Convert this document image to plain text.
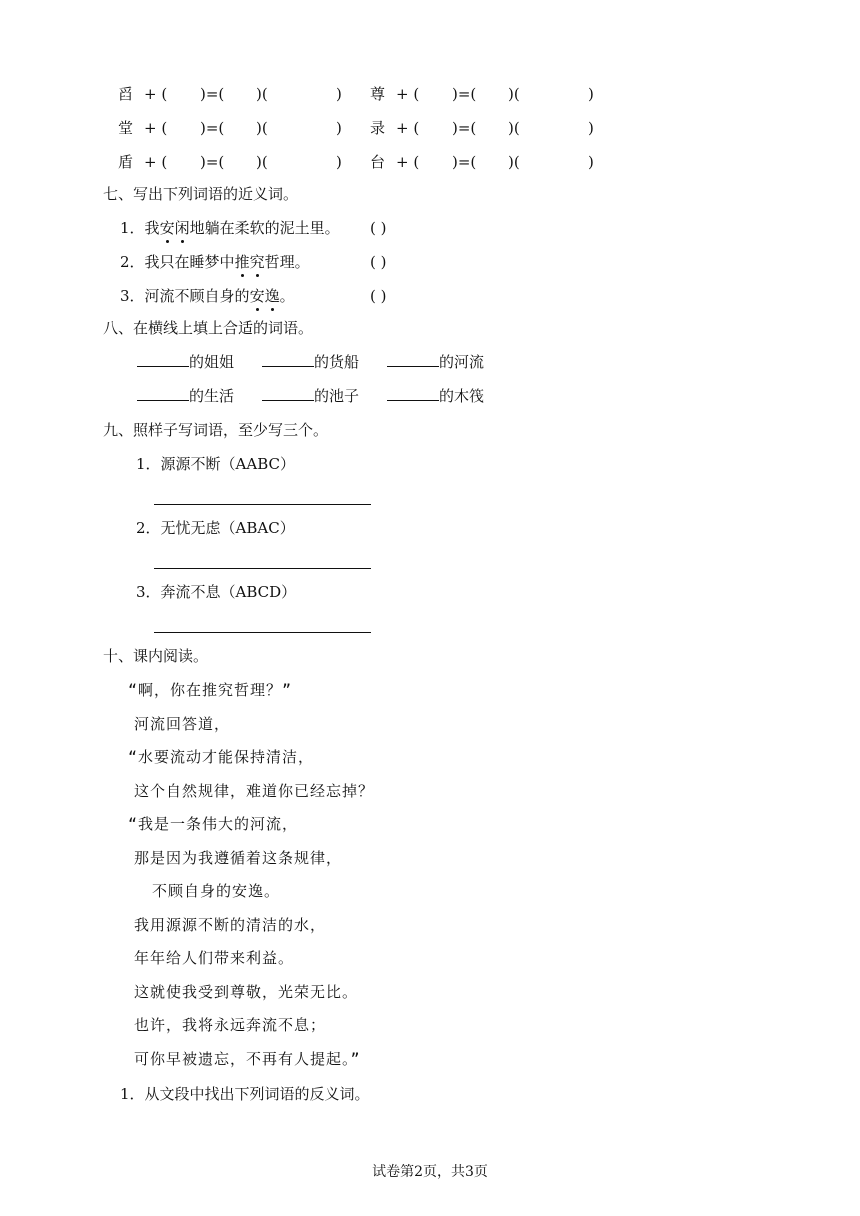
舀 + ( )=( )(	) 尊 + ( )=( )(	)
堂 + ( )=( )(	) 录 + ( )=( )(	)
盾 + ( )=( )(	) 台 + ( )=( )(	)
七、写出下列词语的近义词。
1．我安闲地躺在柔软的泥土里。 ( )
2．我只在睡梦中推究哲理。	( )
3．河流不顾自身的安逸。	( )
八、在横线上填上合适的词语。
的姐姐	的货船	的河流
的生活	的池子	的木筏
九、照样子写词语，至少写三个。
1．源源不断（AABC）
2．无忧无虑（ABAC）
3．奔流不息（ABCD）
十、课内阅读。
“啊，你在推究哲理？”
河流回答道，
“水要流动才能保持清洁，
这个自然规律，难道你已经忘掉？
“我是一条伟大的河流，
那是因为我遵循着这条规律，
不顾自身的安逸。
我用源源不断的清洁的水，
年年给人们带来利益。
这就使我受到尊敬，光荣无比。
也许，我将永远奔流不息；
可你早被遗忘，不再有人提起。”
1．从文段中找出下列词语的反义词。
试卷第2页，共3页
